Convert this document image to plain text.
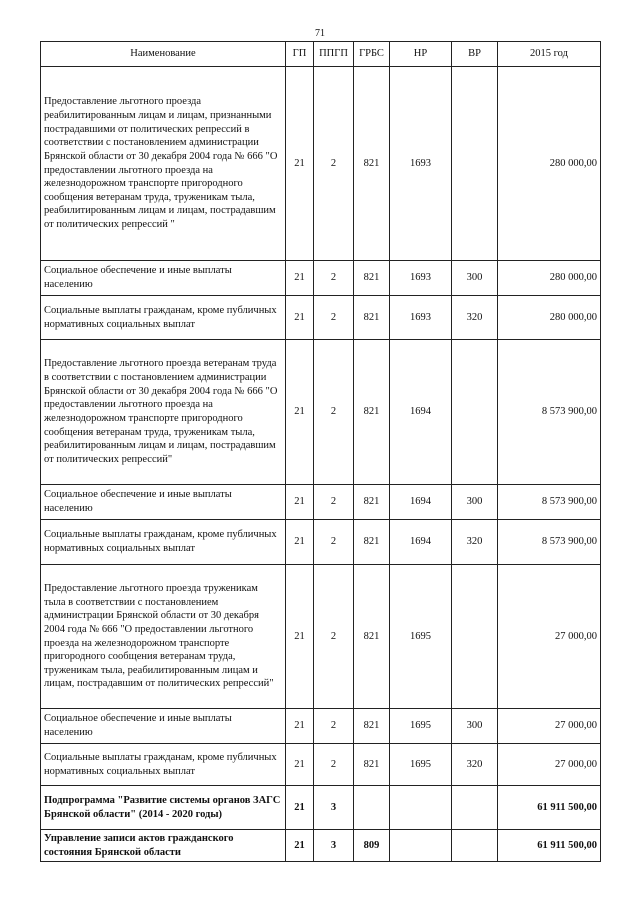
71
Наименование	ГП	ППГП	ГРБС	НР	ВР	2015 год
Предоставление льготного проезда реабилитированным лицам и лицам, признанными пострадавшими от политических репрессий в соответствии с постановлением администрации Брянской области от 30 декабря 2004 года № 666 "О предоставлении льготного проезда на железнодорожном транспорте пригородного сообщения ветеранам труда, труженикам тыла, реабилитированным лицам и лицам, пострадавшим от политических репрессий "	21	2	821	1693		280 000,00
Социальное обеспечение и иные выплаты населению	21	2	821	1693	300	280 000,00
Социальные выплаты гражданам, кроме публичных нормативных социальных выплат	21	2	821	1693	320	280 000,00
Предоставление льготного проезда ветеранам труда в соответствии с постановлением администрации Брянской области от 30 декабря 2004 года № 666 "О предоставлении льготного проезда на железнодорожном транспорте пригородного сообщения ветеранам труда, труженикам тыла, реабилитированным лицам и лицам, пострадавшим от политических репрессий"	21	2	821	1694		8 573 900,00
Социальное обеспечение и иные выплаты населению	21	2	821	1694	300	8 573 900,00
Социальные выплаты гражданам, кроме публичных нормативных социальных выплат	21	2	821	1694	320	8 573 900,00
Предоставление льготного проезда труженикам тыла в соответствии с постановлением администрации Брянской области от 30 декабря 2004 года № 666 "О предоставлении льготного проезда на железнодорожном транспорте пригородного сообщения ветеранам труда, труженикам тыла, реабилитированным лицам и лицам, пострадавшим от политических репрессий"	21	2	821	1695		27 000,00
Социальное обеспечение и иные выплаты населению	21	2	821	1695	300	27 000,00
Социальные выплаты гражданам, кроме публичных нормативных социальных выплат	21	2	821	1695	320	27 000,00
Подпрограмма "Развитие системы органов ЗАГС Брянской области" (2014 - 2020 годы)	21	3				61 911 500,00
Управление записи актов гражданского состояния Брянской области	21	3	809			61 911 500,00
